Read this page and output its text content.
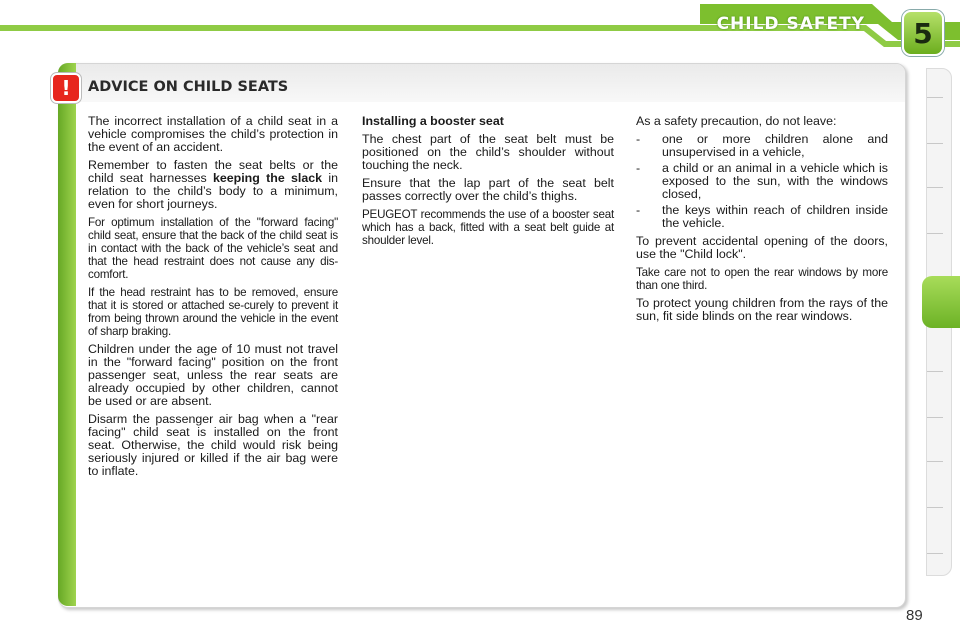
CHILD SAFETY	5
!	ADVICE ON CHILD SEATS

The incorrect installation of a child seat in a vehicle compromises the child’s protection in the event of an accident.

Remember to fasten the seat belts or the child seat harnesses keeping the slack in relation to the child’s body to a minimum, even for short journeys.

For optimum installation of the "forward facing" child seat, ensure that the back of the child seat is in contact with the back of the vehicle’s seat and that the head restraint does not cause any dis-comfort.

If the head restraint has to be removed, ensure that it is stored or attached se-curely to prevent it from being thrown around the vehicle in the event of sharp braking.

Children under the age of 10 must not travel in the "forward facing" position on the front passenger seat, unless the rear seats are already occupied by other children, cannot be used or are absent.

Disarm the passenger air bag when a "rear facing" child seat is installed on the front seat. Otherwise, the child would risk being seriously injured or killed if the air bag were to inflate.

Installing a booster seat

The chest part of the seat belt must be positioned on the child’s shoulder without touching the neck.

Ensure that the lap part of the seat belt passes correctly over the child’s thighs.

PEUGEOT recommends the use of a booster seat which has a back, fitted with a seat belt guide at shoulder level.

As a safety precaution, do not leave:

- one or more children alone and unsupervised in a vehicle,
- a child or an animal in a vehicle which is exposed to the sun, with the windows closed,
- the keys within reach of children inside the vehicle.

To prevent accidental opening of the doors, use the "Child lock".

Take care not to open the rear windows by more than one third.

To protect young children from the rays of the sun, fit side blinds on the rear windows.

89
